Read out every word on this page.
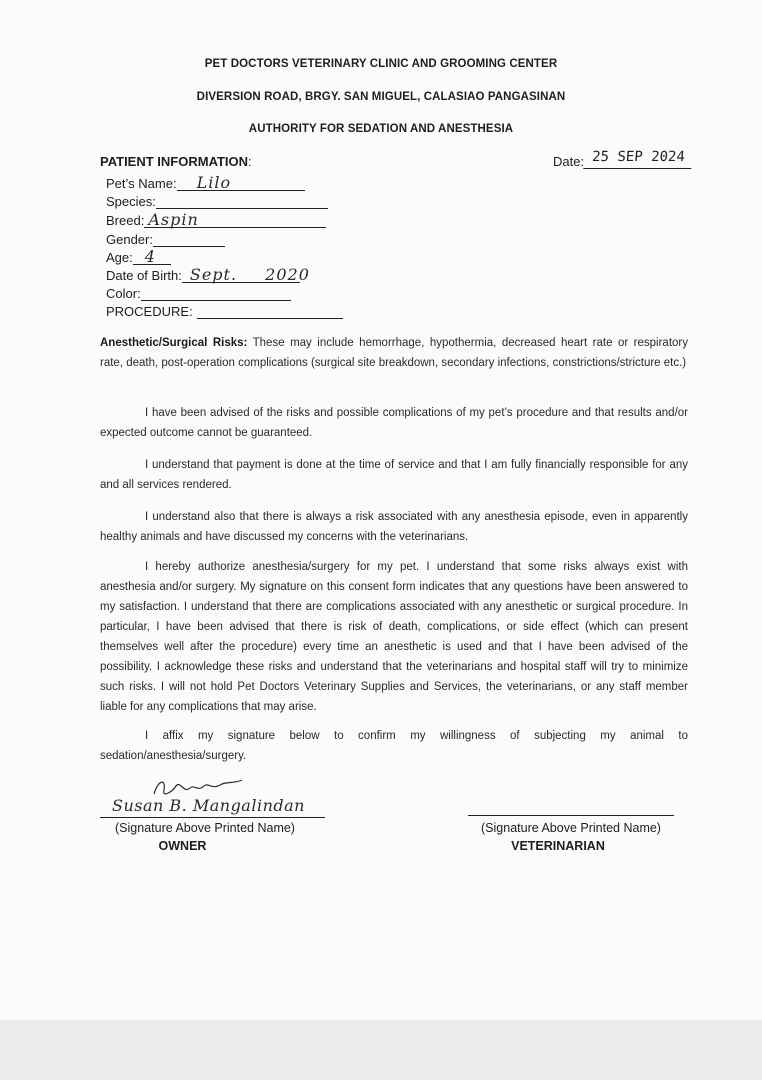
PET DOCTORS VETERINARY CLINIC AND GROOMING CENTER
DIVERSION ROAD, BRGY. SAN MIGUEL, CALASIAO PANGASINAN
AUTHORITY FOR SEDATION AND ANESTHESIA
PATIENT INFORMATION:	Date: 25 SEP 2024
Pet’s Name: Lilo
Species:
Breed: Aspin
Gender:
Age: 4
Date of Birth: Sept. 2020
Color:
PROCEDURE:
Anesthetic/Surgical Risks: These may include hemorrhage, hypothermia, decreased heart rate or respiratory rate, death, post-operation complications (surgical site breakdown, secondary infections, constrictions/stricture etc.)
I have been advised of the risks and possible complications of my pet’s procedure and that results and/or expected outcome cannot be guaranteed.
I understand that payment is done at the time of service and that I am fully financially responsible for any and all services rendered.
I understand also that there is always a risk associated with any anesthesia episode, even in apparently healthy animals and have discussed my concerns with the veterinarians.
I hereby authorize anesthesia/surgery for my pet. I understand that some risks always exist with anesthesia and/or surgery. My signature on this consent form indicates that any questions have been answered to my satisfaction. I understand that there are complications associated with any anesthetic or surgical procedure. In particular, I have been advised that there is risk of death, complications, or side effect (which can present themselves well after the procedure) every time an anesthetic is used and that I have been advised of the possibility. I acknowledge these risks and understand that the veterinarians and hospital staff will try to minimize such risks. I will not hold Pet Doctors Veterinary Supplies and Services, the veterinarians, or any staff member liable for any complications that may arise.
I affix my signature below to confirm my willingness of subjecting my animal to sedation/anesthesia/surgery.
Susan B. Mangalindan
(Signature Above Printed Name)
OWNER
(Signature Above Printed Name)
VETERINARIAN
